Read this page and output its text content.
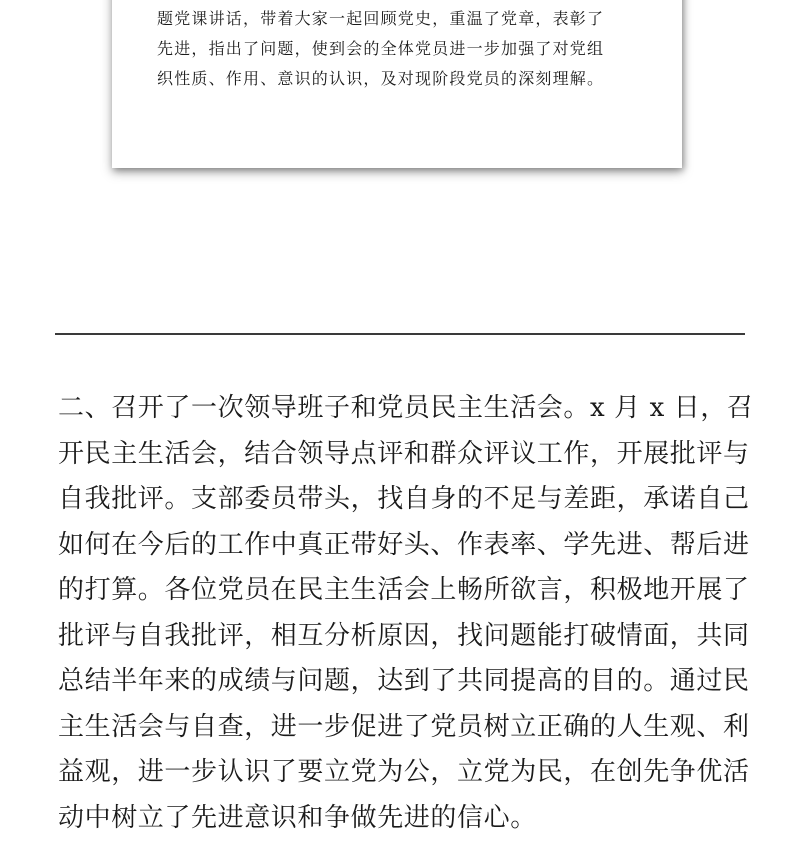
题党课讲话，带着大家一起回顾党史，重温了党章，表彰了
先进，指出了问题，使到会的全体党员进一步加强了对党组
织性质、作用、意识的认识，及对现阶段党员的深刻理解。
二、召开了一次领导班子和党员民主生活会。x 月 x 日，召
开民主生活会，结合领导点评和群众评议工作，开展批评与
自我批评。支部委员带头，找自身的不足与差距，承诺自己
如何在今后的工作中真正带好头、作表率、学先进、帮后进
的打算。各位党员在民主生活会上畅所欲言，积极地开展了
批评与自我批评，相互分析原因，找问题能打破情面，共同
总结半年来的成绩与问题，达到了共同提高的目的。通过民
主生活会与自查，进一步促进了党员树立正确的人生观、利
益观，进一步认识了要立党为公，立党为民，在创先争优活
动中树立了先进意识和争做先进的信心。
